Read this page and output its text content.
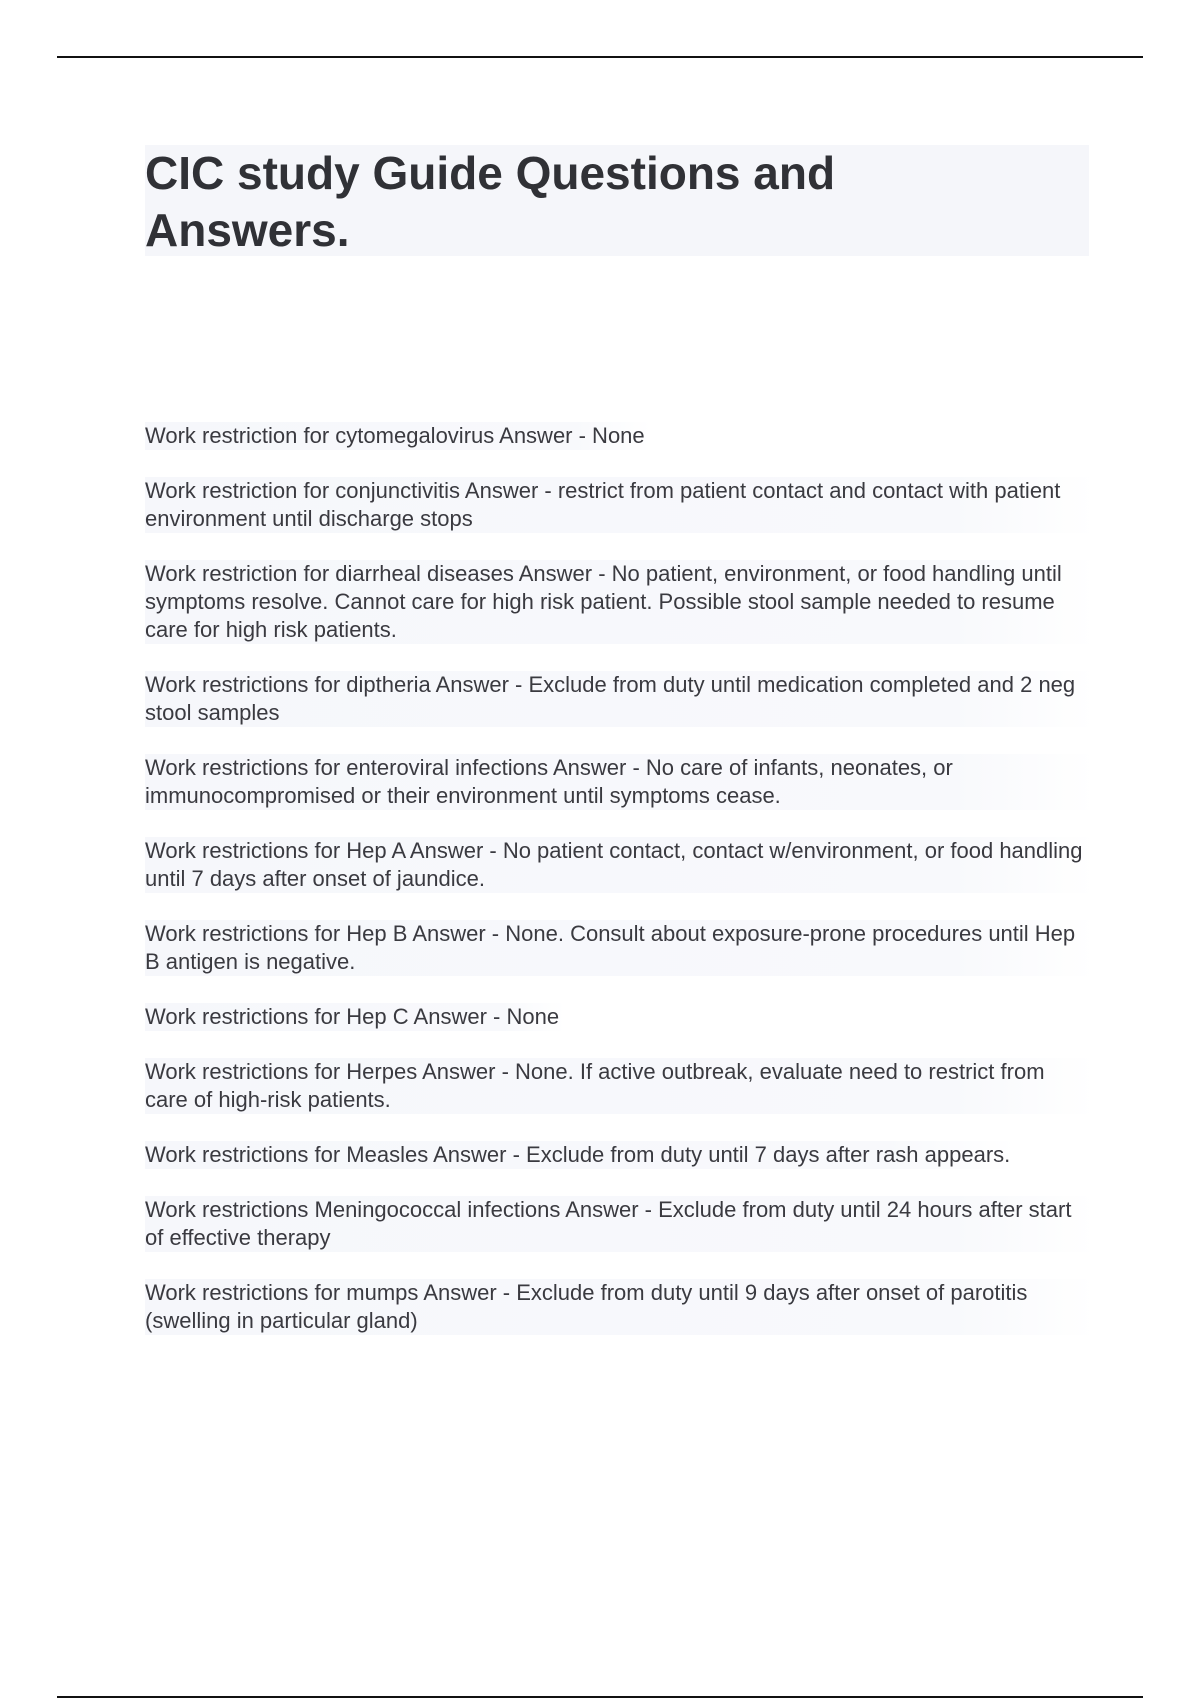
CIC study Guide Questions and Answers.

Work restriction for cytomegalovirus Answer - None

Work restriction for conjunctivitis Answer - restrict from patient contact and contact with patient environment until discharge stops

Work restriction for diarrheal diseases Answer - No patient, environment, or food handling until symptoms resolve. Cannot care for high risk patient. Possible stool sample needed to resume care for high risk patients.

Work restrictions for diptheria Answer - Exclude from duty until medication completed and 2 neg stool samples

Work restrictions for enteroviral infections Answer - No care of infants, neonates, or immunocompromised or their environment until symptoms cease.

Work restrictions for Hep A Answer - No patient contact, contact w/environment, or food handling until 7 days after onset of jaundice.

Work restrictions for Hep B Answer - None. Consult about exposure-prone procedures until Hep B antigen is negative.

Work restrictions for Hep C Answer - None

Work restrictions for Herpes Answer - None. If active outbreak, evaluate need to restrict from care of high-risk patients.

Work restrictions for Measles Answer - Exclude from duty until 7 days after rash appears.

Work restrictions Meningococcal infections Answer - Exclude from duty until 24 hours after start of effective therapy

Work restrictions for mumps Answer - Exclude from duty until 9 days after onset of parotitis (swelling in particular gland)
